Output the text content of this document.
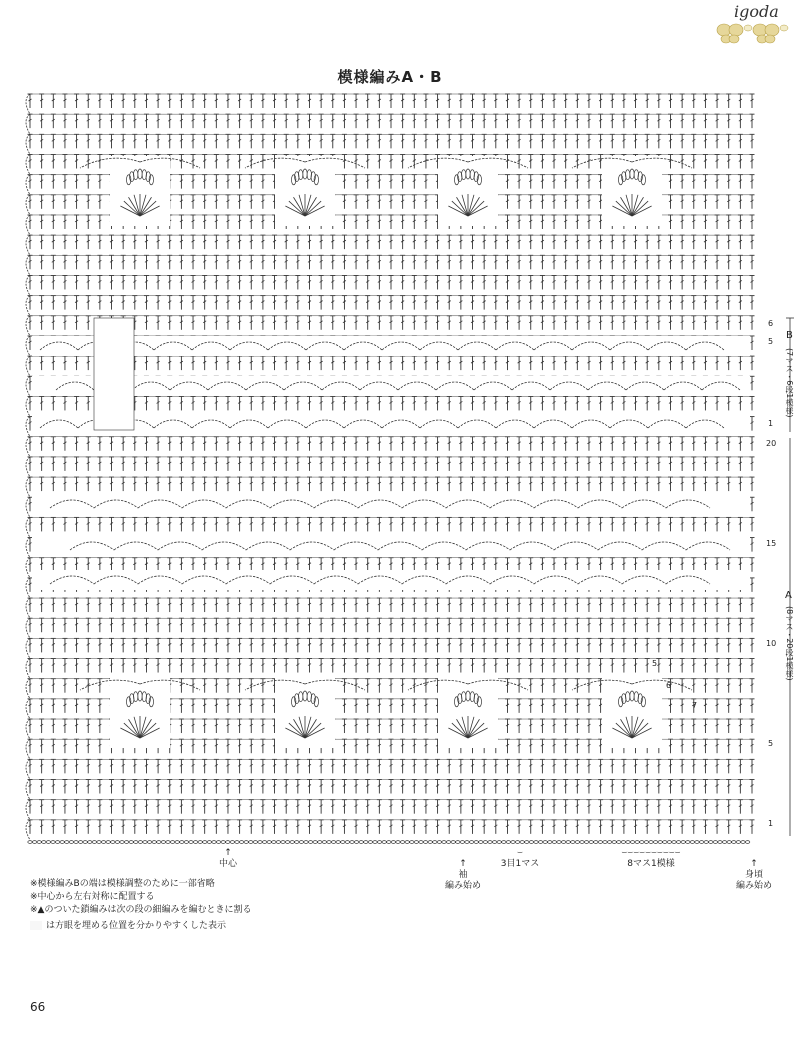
igoda
模様編みA・B
6
5
1
B
20
15
10
5
1
A
5
6
7
(7マス・6段1模様)
(8マス・20段1模様)
↑
中心	↑
袖
編み始め

⌣
3目1マス
⌣⌣⌣⌣⌣⌣⌣⌣⌣⌣
8マス1模様	↑
身頃
編み始め

※模様編みBの端は模様調整のために一部省略
※中心から左右対称に配置する
※▲のついた鎖編みは次の段の細編みを編むときに割る
は方眼を埋める位置を分かりやすくした表示
66
